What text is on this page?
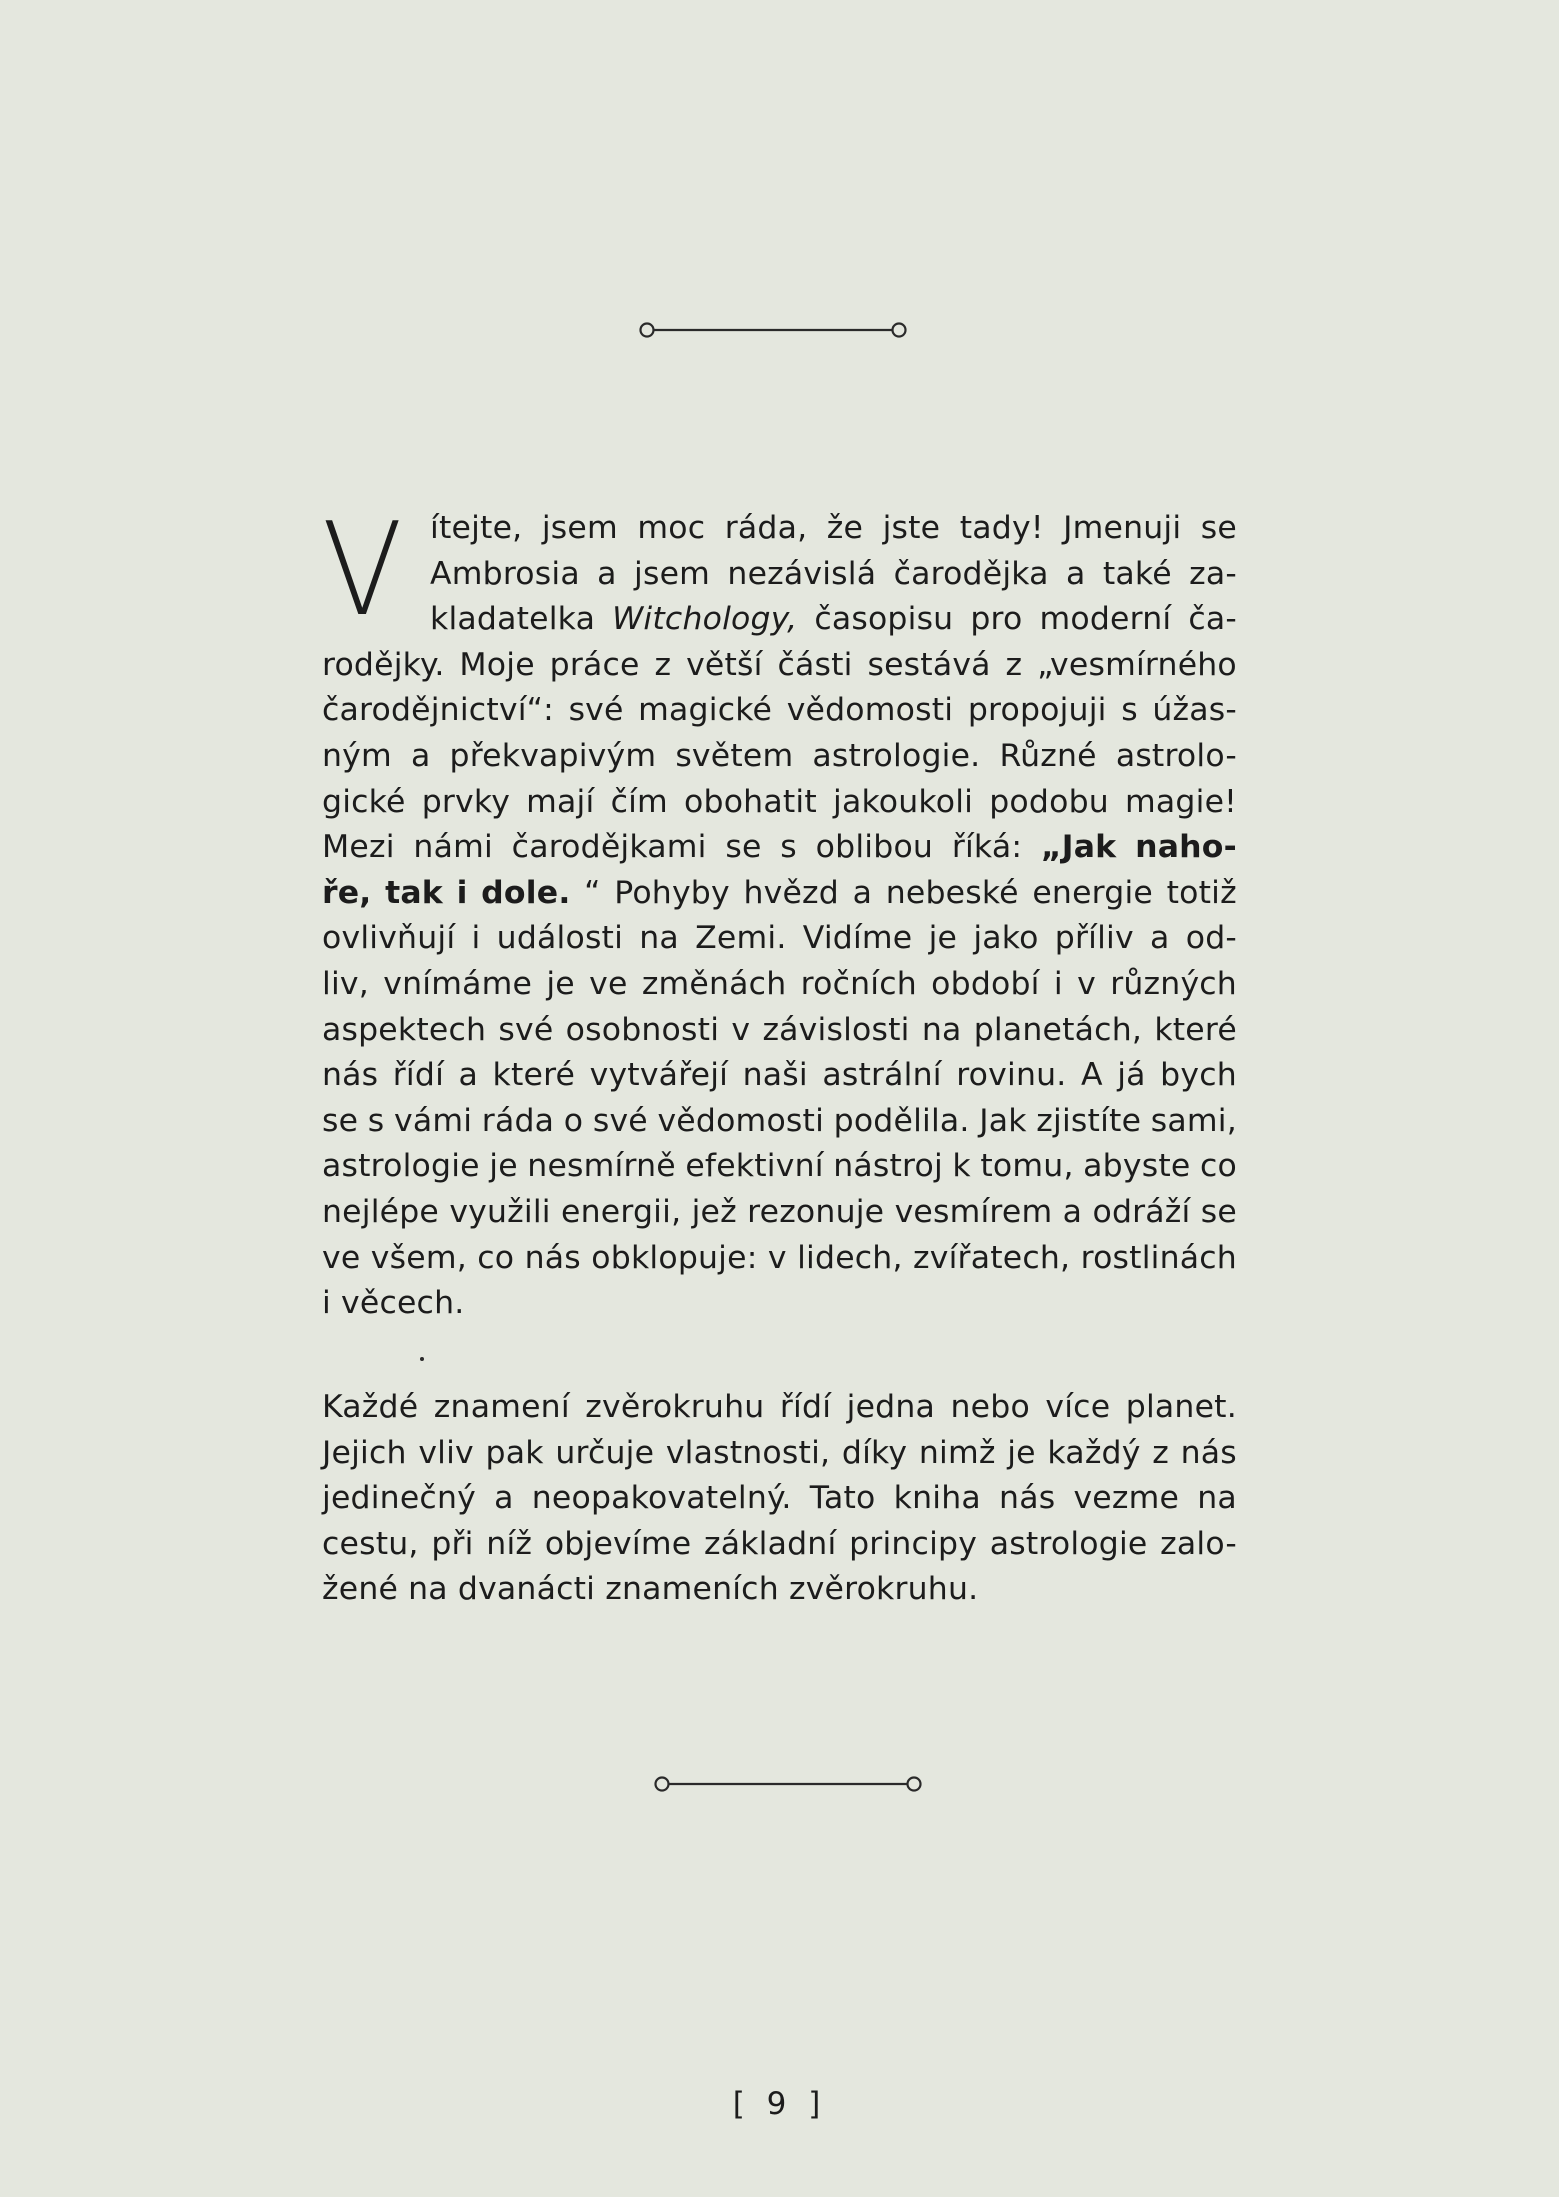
V ítejte, jsem moc ráda, že jste tady! Jmenuji se
Ambrosia a jsem nezávislá čarodějka a také za-
kladatelka Witchology, časopisu pro moderní ča-
rodějky. Moje práce z větší části sestává z „vesmírného
čarodějnictví“: své magické vědomosti propojuji s úžas-
ným a překvapivým světem astrologie. Různé astrolo-
gické prvky mají čím obohatit jakoukoli podobu magie!
Mezi námi čarodějkami se s oblibou říká: „Jak naho-
ře, tak i dole. “ Pohyby hvězd a nebeské energie totiž
ovlivňují i události na Zemi. Vidíme je jako příliv a od-
liv, vnímáme je ve změnách ročních období i v různých
aspektech své osobnosti v závislosti na planetách, které
nás řídí a které vytvářejí naši astrální rovinu. A já bych
se s vámi ráda o své vědomosti podělila. Jak zjistíte sami,
astrologie je nesmírně efektivní nástroj k tomu, abyste co
nejlépe využili energii, jež rezonuje vesmírem a odráží se
ve všem, co nás obklopuje: v lidech, zvířatech, rostlinách
i věcech.
Každé znamení zvěrokruhu řídí jedna nebo více planet.
Jejich vliv pak určuje vlastnosti, díky nimž je každý z nás
jedinečný a neopakovatelný. Tato kniha nás vezme na
cestu, při níž objevíme základní principy astrologie zalo-
žené na dvanácti znameních zvěrokruhu.
[ 9 ]
